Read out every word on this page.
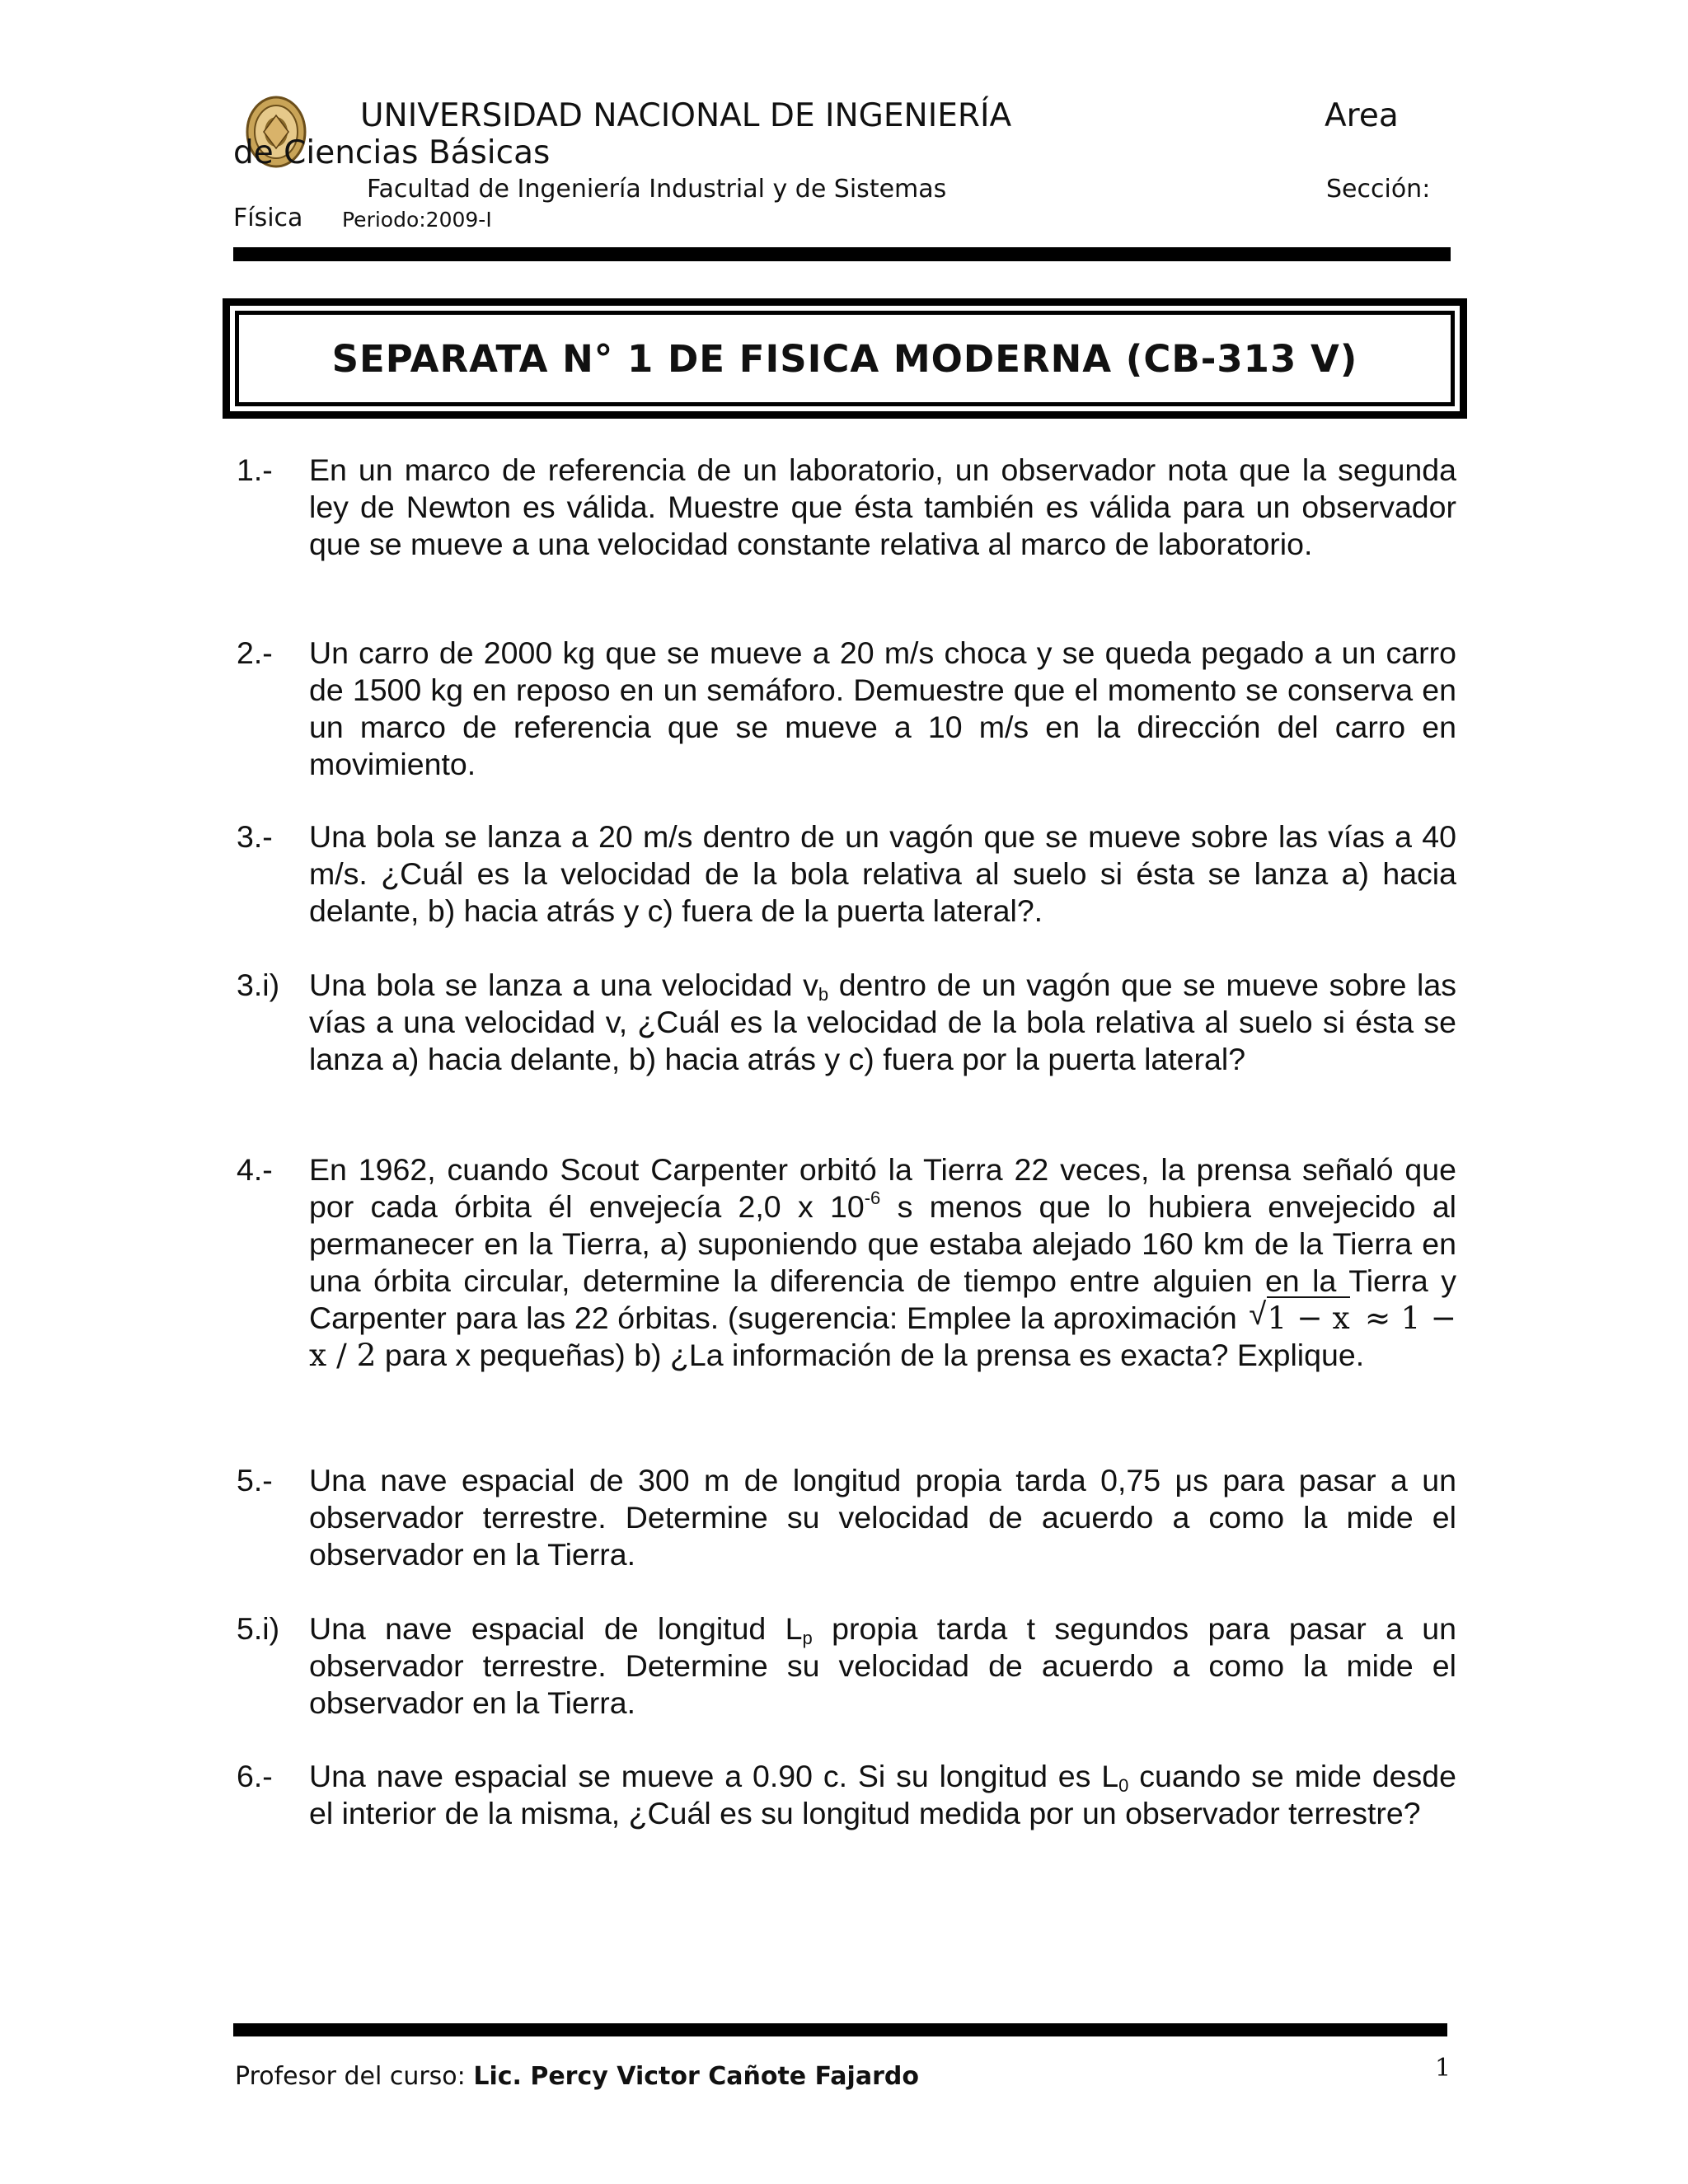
UNIVERSIDAD NACIONAL DE INGENIERÍA	Area
de Ciencias Básicas
Facultad de Ingeniería Industrial y de Sistemas	Sección:
Física Periodo:2009-I
SEPARATA N° 1 DE FISICA MODERNA (CB-313 V)
1.- En un marco de referencia de un laboratorio, un observador nota que la segunda ley de Newton es válida. Muestre que ésta también es válida para un observador que se mueve a una velocidad constante relativa al marco de laboratorio.
2.- Un carro de 2000 kg que se mueve a 20 m/s choca y se queda pegado a un carro de 1500 kg en reposo en un semáforo. Demuestre que el momento se conserva en un marco de referencia que se mueve a 10 m/s en la dirección del carro en movimiento.
3.- Una bola se lanza a 20 m/s dentro de un vagón que se mueve sobre las vías a 40 m/s. ¿Cuál es la velocidad de la bola relativa al suelo si ésta se lanza a) hacia delante, b) hacia atrás y c) fuera de la puerta lateral?.
3.i) Una bola se lanza a una velocidad $v_b$ dentro de un vagón que se mueve sobre las vías a una velocidad v, ¿Cuál es la velocidad de la bola relativa al suelo si ésta se lanza a) hacia delante, b) hacia atrás y c) fuera por la puerta lateral?
4.- En 1962, cuando Scout Carpenter orbitó la Tierra 22 veces, la prensa señaló que por cada órbita él envejecía 2,0 x $10^{-6}$ s menos que lo hubiera envejecido al permanecer en la Tierra, a) suponiendo que estaba alejado 160 km de la Tierra en una órbita circular, determine la diferencia de tiempo entre alguien en la Tierra y Carpenter para las 22 órbitas. (sugerencia: Emplee la aproximación √ 1 − x ≈ 1 − x / 2 para x pequeñas) b) ¿La información de la prensa es exacta? Explique.
5.- Una nave espacial de 300 m de longitud propia tarda 0,75 μs para pasar a un observador terrestre. Determine su velocidad de acuerdo a como la mide el observador en la Tierra.
5.i) Una nave espacial de longitud $L_p$ propia tarda t segundos para pasar a un observador terrestre. Determine su velocidad de acuerdo a como la mide el observador en la Tierra.
6.- Una nave espacial se mueve a 0.90 c. Si su longitud es $L_0$ cuando se mide desde el interior de la misma, ¿Cuál es su longitud medida por un observador terrestre?
Profesor del curso: Lic. Percy Victor Cañote Fajardo	1
